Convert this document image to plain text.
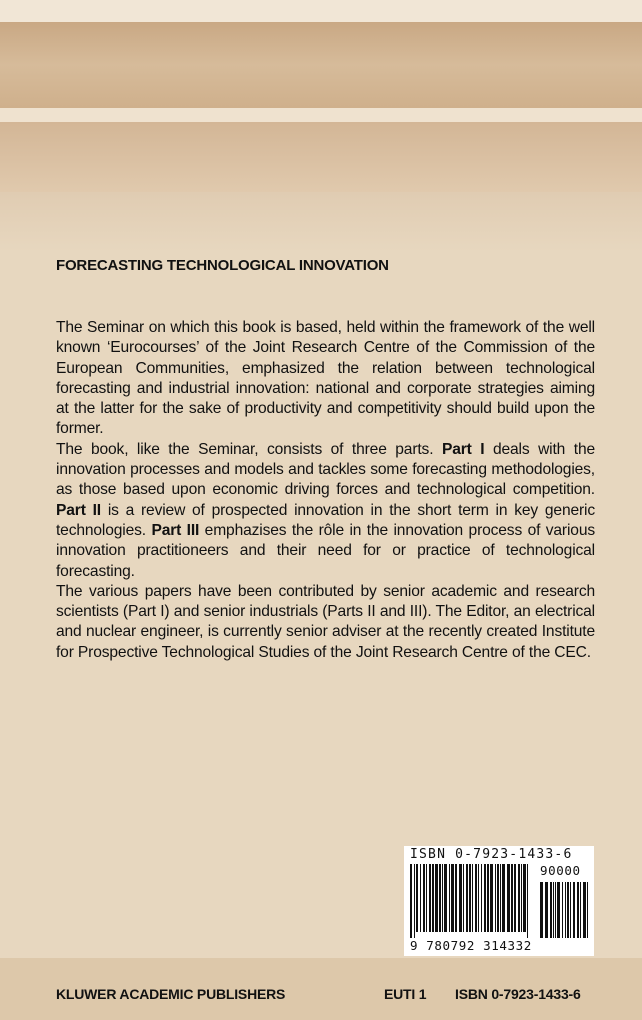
FORECASTING TECHNOLOGICAL INNOVATION

The Seminar on which this book is based, held within the framework of the well known ‘Eurocourses’ of the Joint Research Centre of the Commission of the European Communities, emphasized the relation between technological forecasting and industrial innovation: national and corporate strategies aiming at the latter for the sake of productivity and competitivity should build upon the former.

The book, like the Seminar, consists of three parts. Part I deals with the innovation processes and models and tackles some forecasting methodologies, as those based upon economic driving forces and technological competition. Part II is a review of prospected innovation in the short term in key generic technologies. Part III emphazises the rôle in the innovation process of various innovation practitioneers and their need for or practice of technological forecasting.

The various papers have been contributed by senior academic and research scientists (Part I) and senior industrials (Parts II and III). The Editor, an electrical and nuclear engineer, is currently senior adviser at the recently created Institute for Prospective Technological Studies of the Joint Research Centre of the CEC.

ISBN 0-7923-1433-6
90000
9 780792 314332
KLUWER ACADEMIC PUBLISHERS	EUTI 1 ISBN 0-7923-1433-6
